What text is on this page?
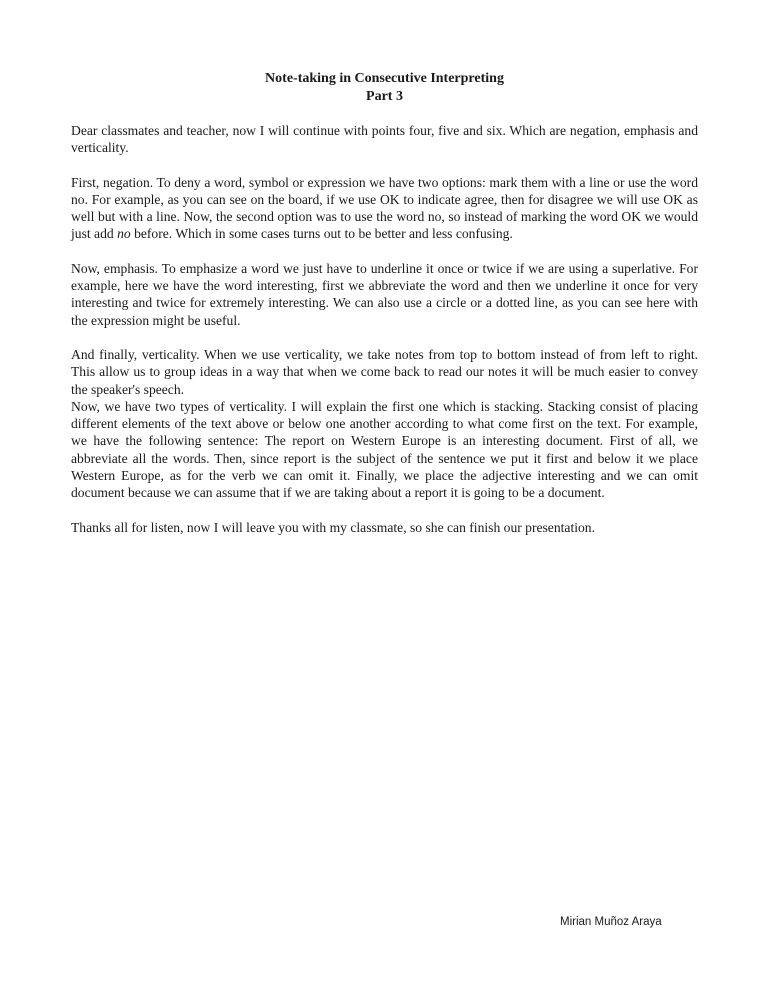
Note-taking in Consecutive Interpreting

Part 3

Dear classmates and teacher, now I will continue with points four, five and six. Which are negation, emphasis and verticality.

First, negation. To deny a word, symbol or expression we have two options: mark them with a line or use the word no. For example, as you can see on the board, if we use OK to indicate agree, then for disagree we will use OK as well but with a line. Now, the second option was to use the word no, so instead of marking the word OK we would just add no before. Which in some cases turns out to be better and less confusing.

Now, emphasis. To emphasize a word we just have to underline it once or twice if we are using a superlative. For example, here we have the word interesting, first we abbreviate the word and then we underline it once for very interesting and twice for extremely interesting. We can also use a circle or a dotted line, as you can see here with the expression might be useful.

And finally, verticality. When we use verticality, we take notes from top to bottom instead of from left to right. This allow us to group ideas in a way that when we come back to read our notes it will be much easier to convey the speaker's speech.

Now, we have two types of verticality. I will explain the first one which is stacking. Stacking consist of placing different elements of the text above or below one another according to what come first on the text. For example, we have the following sentence: The report on Western Europe is an interesting document. First of all, we abbreviate all the words. Then, since report is the subject of the sentence we put it first and below it we place Western Europe, as for the verb we can omit it. Finally, we place the adjective interesting and we can omit document because we can assume that if we are taking about a report it is going to be a document.

Thanks all for listen, now I will leave you with my classmate, so she can finish our presentation.

Mirian Muñoz Araya
